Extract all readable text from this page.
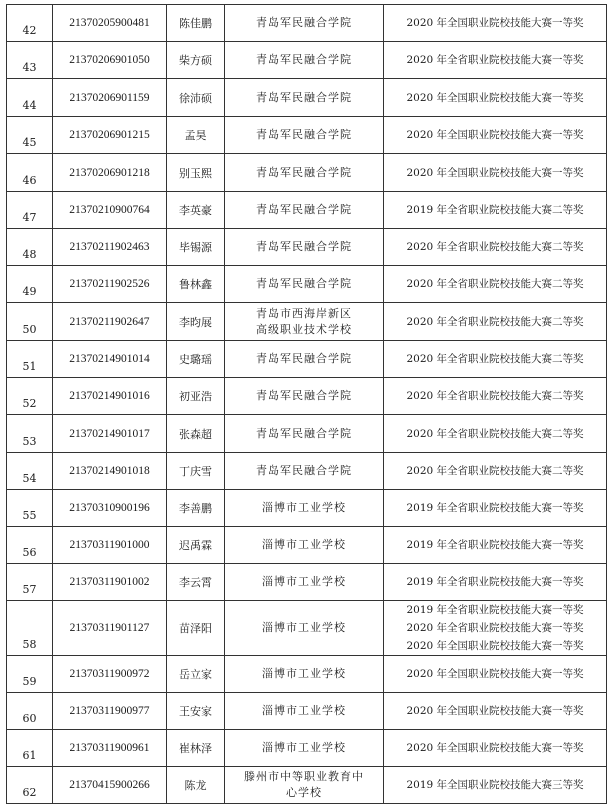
42	21370205900481	陈佳鹏	青岛军民融合学院	2020 年全国职业院校技能大赛一等奖

43	21370206901050	柴方硕	青岛军民融合学院	2020 年全省职业院校技能大赛一等奖

44	21370206901159	徐沛硕	青岛军民融合学院	2020 年全国职业院校技能大赛一等奖

45	21370206901215	孟昊	青岛军民融合学院	2020 年全国职业院校技能大赛一等奖

46	21370206901218	别玉熙	青岛军民融合学院	2020 年全国职业院校技能大赛一等奖

47	21370210900764	李英豪	青岛军民融合学院	2019 年全省职业院校技能大赛二等奖

48	21370211902463	毕锡源	青岛军民融合学院	2020 年全省职业院校技能大赛二等奖

49	21370211902526	鲁林鑫	青岛军民融合学院	2020 年全省职业院校技能大赛二等奖

50	21370211902647	李昀展	青岛市西海岸新区
高级职业技术学校	2020 年全省职业院校技能大赛二等奖

51	21370214901014	史璐瑶	青岛军民融合学院	2020 年全省职业院校技能大赛二等奖

52	21370214901016	初亚浩	青岛军民融合学院	2020 年全省职业院校技能大赛二等奖

53	21370214901017	张森超	青岛军民融合学院	2020 年全省职业院校技能大赛二等奖

54	21370214901018	丁庆雪	青岛军民融合学院	2020 年全省职业院校技能大赛二等奖

55	21370310900196	李善鹏	淄博市工业学校	2019 年全省职业院校技能大赛一等奖

56	21370311901000	迟禹霖	淄博市工业学校	2019 年全省职业院校技能大赛一等奖

57	21370311901002	李云霄	淄博市工业学校	2019 年全省职业院校技能大赛一等奖

58	21370311901127	苗泽阳	淄博市工业学校	2019 年全省职业院校技能大赛一等奖
2020 年全省职业院校技能大赛一等奖
2020 年全国职业院校技能大赛一等奖

59	21370311900972	岳立家	淄博市工业学校	2020 年全国职业院校技能大赛一等奖

60	21370311900977	王安家	淄博市工业学校	2020 年全国职业院校技能大赛一等奖

61	21370311900961	崔林泽	淄博市工业学校	2020 年全国职业院校技能大赛一等奖

62	21370415900266	陈龙	滕州市中等职业教育中
心学校	2019 年全国职业院校技能大赛三等奖
